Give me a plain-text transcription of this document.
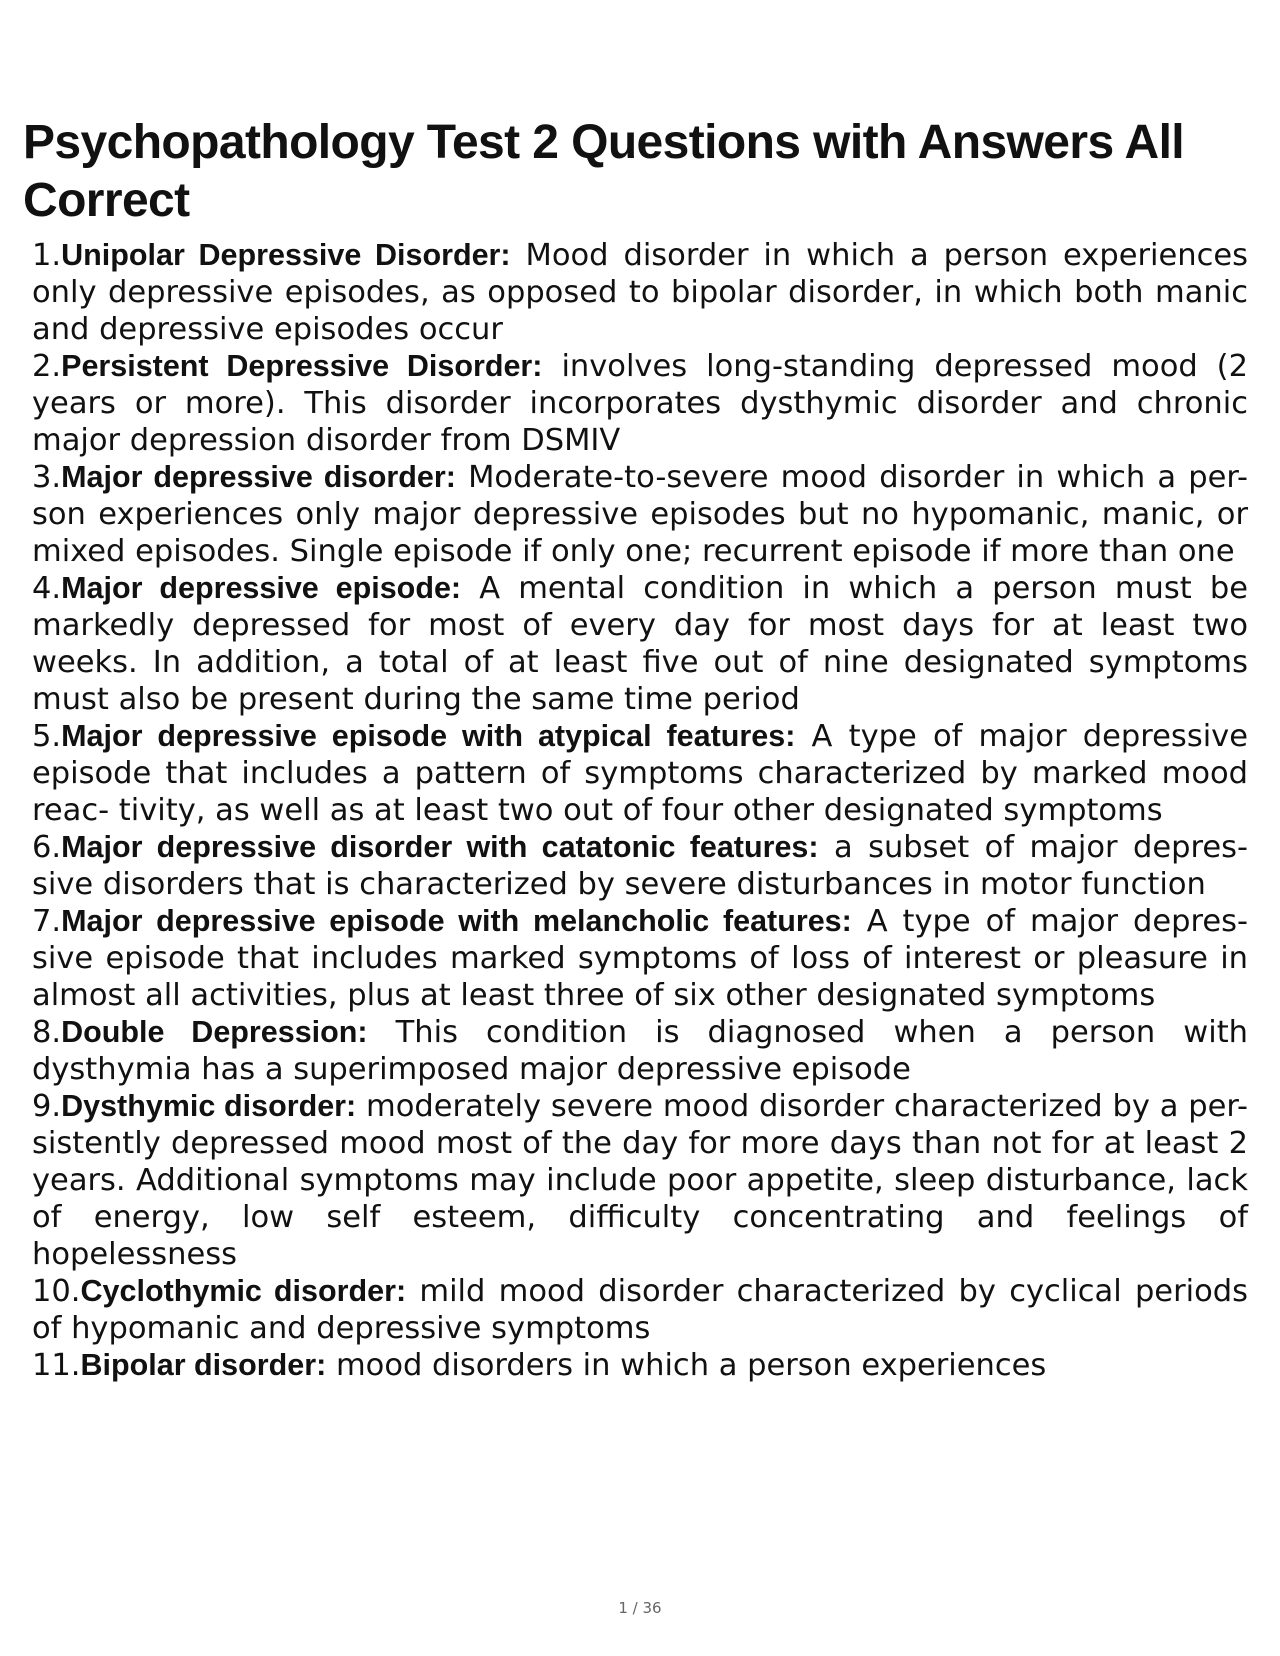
Psychopathology Test 2 Questions with Answers All Correct
1.Unipolar Depressive Disorder: Mood disorder in which a person experiences only depressive episodes, as opposed to bipolar disorder, in which both manic and depressive episodes occur
2.Persistent Depressive Disorder: involves long-standing depressed mood (2 years or more). This disorder incorporates dysthymic disorder and chronic major depression disorder from DSMIV
3.Major depressive disorder: Moderate-to-severe mood disorder in which a per- son experiences only major depressive episodes but no hypomanic, manic, or mixed episodes. Single episode if only one; recurrent episode if more than one
4.Major depressive episode: A mental condition in which a person must be markedly depressed for most of every day for most days for at least two weeks. In addition, a total of at least five out of nine designated symptoms must also be present during the same time period
5.Major depressive episode with atypical features: A type of major depressive episode that includes a pattern of symptoms characterized by marked mood reac- tivity, as well as at least two out of four other designated symptoms
6.Major depressive disorder with catatonic features: a subset of major depres- sive disorders that is characterized by severe disturbances in motor function
7.Major depressive episode with melancholic features: A type of major depres- sive episode that includes marked symptoms of loss of interest or pleasure in almost all activities, plus at least three of six other designated symptoms
8.Double Depression: This condition is diagnosed when a person with dysthymia has a superimposed major depressive episode
9.Dysthymic disorder: moderately severe mood disorder characterized by a per- sistently depressed mood most of the day for more days than not for at least 2 years. Additional symptoms may include poor appetite, sleep disturbance, lack of energy, low self esteem, difficulty concentrating and feelings of hopelessness
10.Cyclothymic disorder: mild mood disorder characterized by cyclical periods of hypomanic and depressive symptoms
11.Bipolar disorder: mood disorders in which a person experiences
1 / 36
